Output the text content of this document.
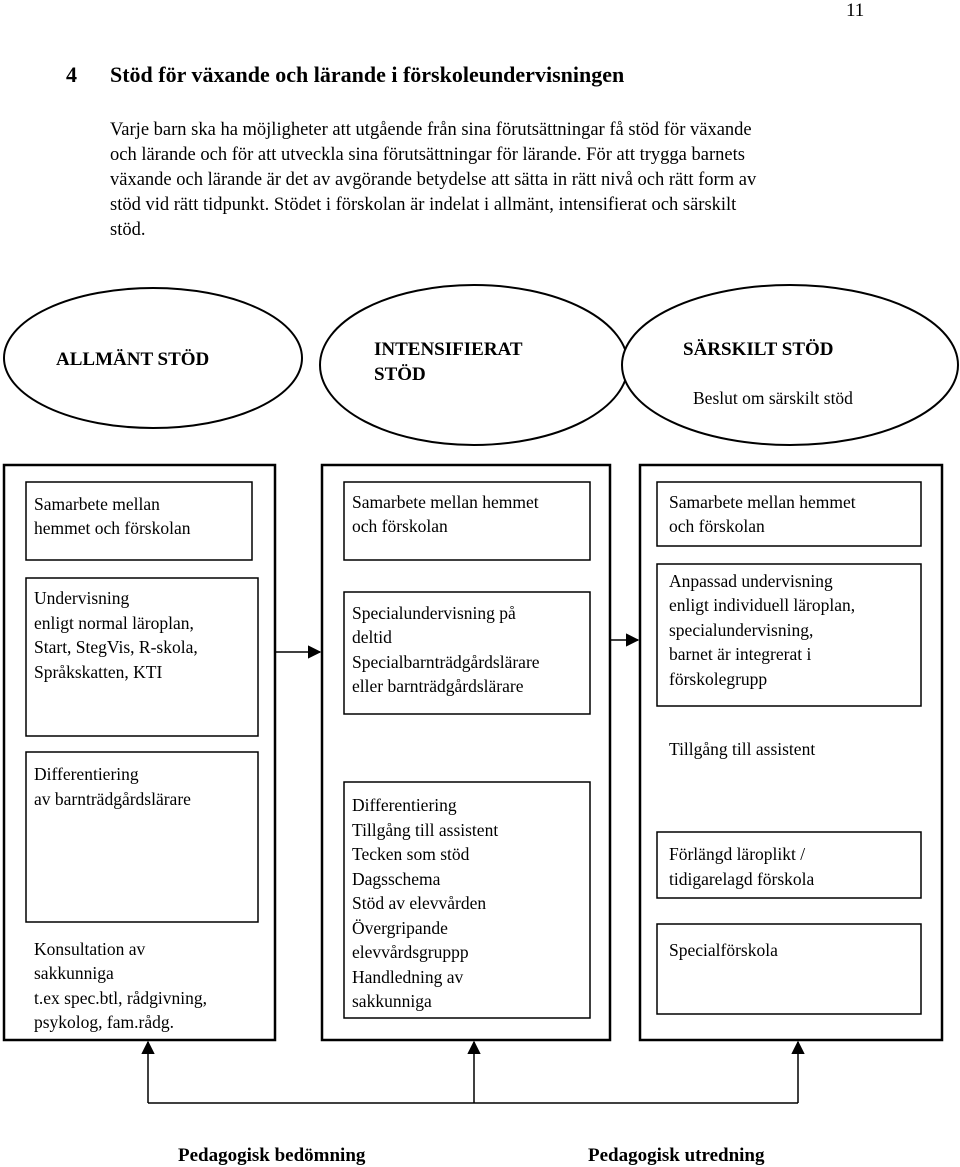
11
4 Stöd för växande och lärande i förskoleundervisningen
Varje barn ska ha möjligheter att utgående från sina förutsättningar få stöd för växande
och lärande och för att utveckla sina förutsättningar för lärande. För att trygga barnets
växande och lärande är det av avgörande betydelse att sätta in rätt nivå och rätt form av
stöd vid rätt tidpunkt. Stödet i förskolan är indelat i allmänt, intensifierat och särskilt
stöd.
ALLMÄNT STÖD	INTENSIFIERAT
STÖD
SÄRSKILT STÖD
Beslut om särskilt stöd
Samarbete mellan
hemmet och förskolan
Undervisning
enligt normal läroplan,
Start, StegVis, R-skola,
Språkskatten, KTI
Differentiering
av barnträdgårdslärare
Konsultation av
sakkunniga
t.ex spec.btl, rådgivning,
psykolog, fam.rådg.
Samarbete mellan hemmet
och förskolan
Specialundervisning på
deltid
Specialbarnträdgårdslärare
eller barnträdgårdslärare
Differentiering
Tillgång till assistent
Tecken som stöd
Dagsschema
Stöd av elevvården
Övergripande
elevvårdsgruppp
Handledning av
sakkunniga
Samarbete mellan hemmet
och förskolan
Anpassad undervisning
enligt individuell läroplan,
specialundervisning,
barnet är integrerat i
förskolegrupp
Tillgång till assistent
Förlängd läroplikt /
tidigarelagd förskola
Specialförskola
Pedagogisk bedömning	Pedagogisk utredning
